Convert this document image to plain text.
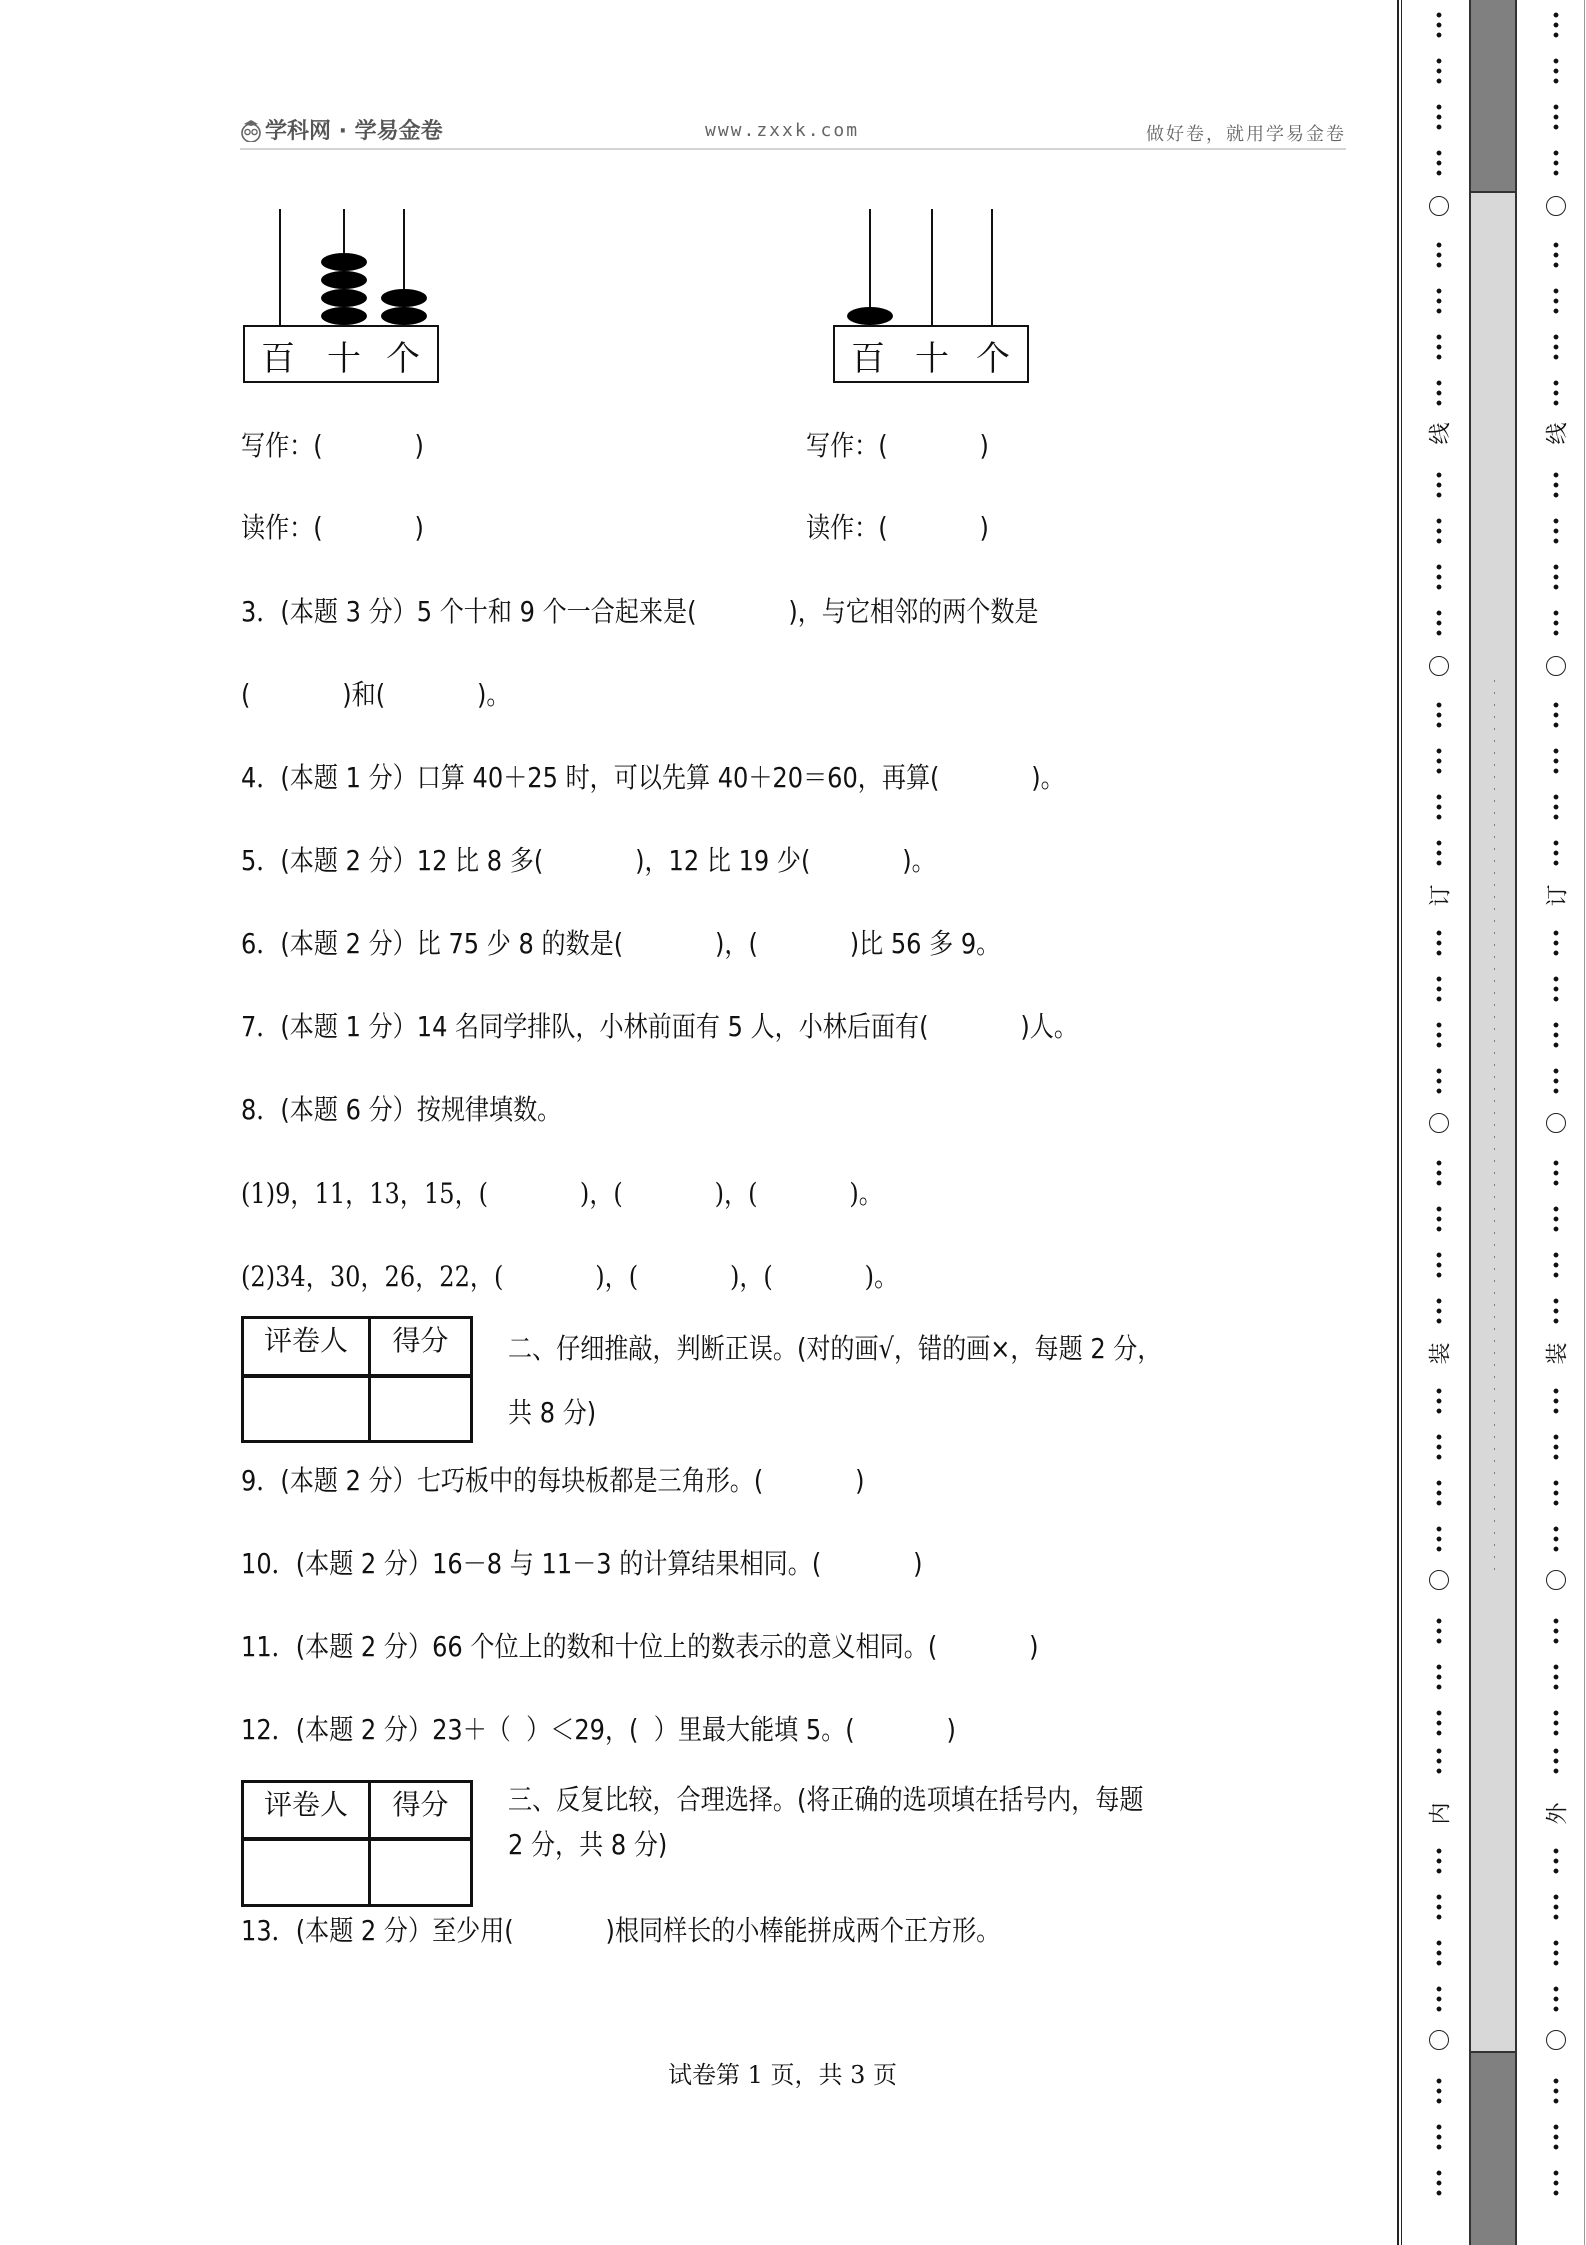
学科网 · 学易金卷	www.zxxk.com	做好卷，就用学易金卷
百 十 个	百 十 个
写作：(            )	写作：(            )
读作：(            )	读作：(            )
3．(本题 3 分）5 个十和 9 个一合起来是(            )，与它相邻的两个数是
(            )和(            )。
4．(本题 1 分）口算 40＋25 时，可以先算 40＋20＝60，再算(            )。
5．(本题 2 分）12 比 8 多(            )，12 比 19 少(            )。
6．(本题 2 分）比 75 少 8 的数是(            )，(            )比 56 多 9。
7．(本题 1 分）14 名同学排队，小林前面有 5 人，小林后面有(            )人。
8．(本题 6 分）按规律填数。
(1)9，11，13，15，(            )，(            )，(            )。
(2)34，30，26，22，(            )，(            )，(            )。
评卷人	得分	二、仔细推敲，判断正误。(对的画√，错的画×，每题 2 分，
共 8 分)
9．(本题 2 分）七巧板中的每块板都是三角形。(            )
10．(本题 2 分）16－8 与 11－3 的计算结果相同。(            )
11．(本题 2 分）66 个位上的数和十位上的数表示的意义相同。(            )
12．(本题 2 分）23＋（  ）＜29，(  ）里最大能填 5。(            )
评卷人	得分	三、反复比较，合理选择。(将正确的选项填在括号内，每题
2 分，共 8 分)
13．(本题 2 分）至少用(            )根同样长的小棒能拼成两个正方形。
试卷第 1 页，共 3 页
线
订
装
内
线
订
装
外
